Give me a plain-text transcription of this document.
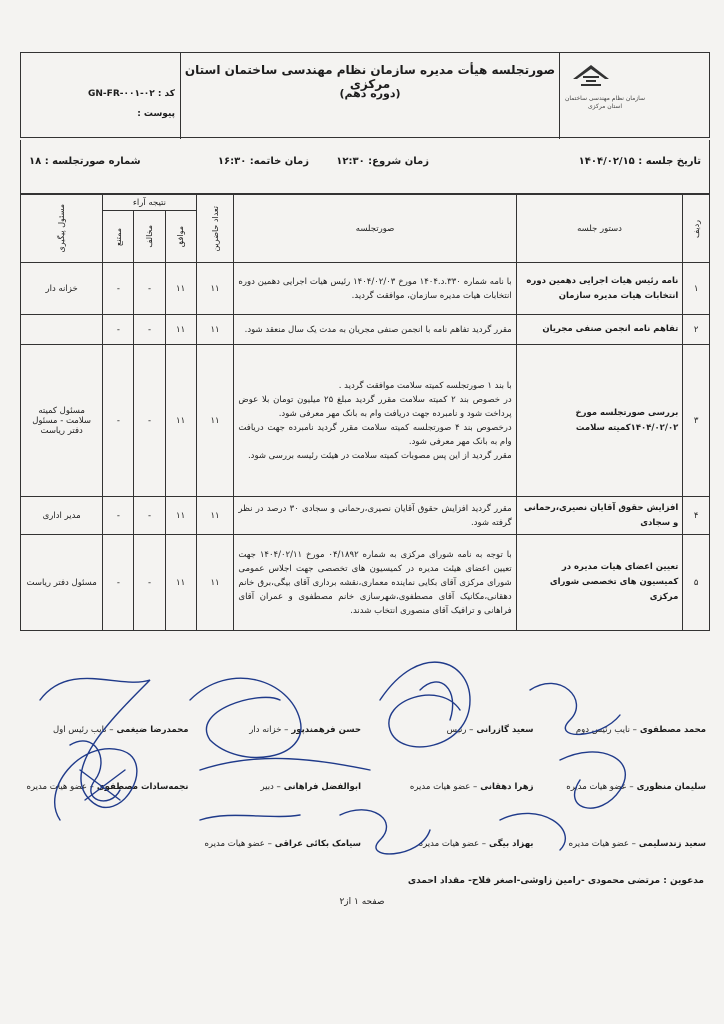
سازمان نظام مهندسی ساختمان استان مرکزی
صورتجلسه هیأت مدیره سازمان نظام مهندسی ساختمان استان مرکزی
(دوره دهم)
کد : GN-FR-۰۰۱-۰۲
پیوست :
تاریخ جلسه : ۱۴۰۴/۰۲/۱۵
زمان شروع: ۱۲:۳۰
زمان خاتمه: ۱۶:۳۰
شماره صورتجلسه : ۱۸
ردیف	دستور جلسه	صورتجلسه	تعداد حاضرین	نتیجه آراء			مسئول پیگیری

				موافق	مخالف	ممتنع	

۱	نامه رئیس هیات اجرایی دهمین دوره انتخابات هیات مدیره سازمان	با نامه شماره ۳۳۰.د.۱۴۰۴ مورخ ۱۴۰۴/۰۲/۰۳ رئیس هیات اجرایی دهمین دوره انتخابات هیات مدیره سازمان، موافقت گردید.	۱۱	۱۱	-	-	خزانه دار
۲	تفاهم نامه انجمن صنفی مجریان	مقرر گردید تفاهم نامه با انجمن صنفی مجریان به مدت یک سال منعقد شود.	۱۱	۱۱	-	-	
۳	بررسی صورتجلسه مورخ ۱۴۰۴/۰۲/۰۲کمیته سلامت	با بند ۱ صورتجلسه کمیته سلامت موافقت گردید .

در خصوص بند ۲ کمیته سلامت مقرر گردید مبلغ ۲۵ میلیون تومان بلا عوض پرداخت شود و نامبرده جهت دریافت وام به بانک مهر معرفی شود.

درخصوص بند ۴ صورتجلسه کمیته سلامت مقرر گردید نامبرده جهت دریافت وام به بانک مهر معرفی شود.

مقرر گردید از این پس مصوبات کمیته سلامت در هیئت رئیسه بررسی شود.	۱۱	۱۱	-	-	مسئول کمیته سلامت - مسئول دفتر ریاست
۴	افزایش حقوق آقایان نصیری،رحمانی و سجادی	مقرر گردید افزایش حقوق آقایان نصیری،رحمانی و سجادی ۳۰ درصد در نظر گرفته شود.	۱۱	۱۱	-	-	مدیر اداری
۵	تعیین اعضای هیات مدیره در کمیسیون های تخصصی شورای مرکزی	با توجه به نامه شورای مرکزی به شماره ۰۴/۱۸۹۲ مورخ ۱۴۰۴/۰۲/۱۱ جهت تعیین اعضای هیئت مدیره در کمیسیون های تخصصی جهت اجلاس عمومی شورای مرکزی آقای بکایی نماینده معماری،نقشه برداری آقای بیگی،برق خانم دهقانی،مکانیک آقای مصطفوی،شهرسازی خانم مصطفوی و عمران آقای فراهانی و ترافیک آقای منصوری انتخاب شدند.	۱۱	۱۱	-	-	مسئول دفتر ریاست
محمد مصطفوی – نایب رئیس دوم
سعید گازرانی – رئیس
حسن فرهمندپور – خزانه دار
محمدرضا ضیغمی – نایب رئیس اول
سلیمان منظوری – عضو هیات مدیره
زهرا دهقانی – عضو هیات مدیره
ابوالفضل فراهانی – دبیر
نجمه‌سادات مصطفوی – عضو هیات مدیره
سعید زندسلیمی – عضو هیات مدیره
بهزاد بیگی – عضو هیات مدیره
سیامک بکائی عراقی – عضو هیات مدیره
مدعوین : مرتضی محمودی -رامین زاوشی-اصغر فلاح- مقداد احمدی
صفحه ۱ از۲
